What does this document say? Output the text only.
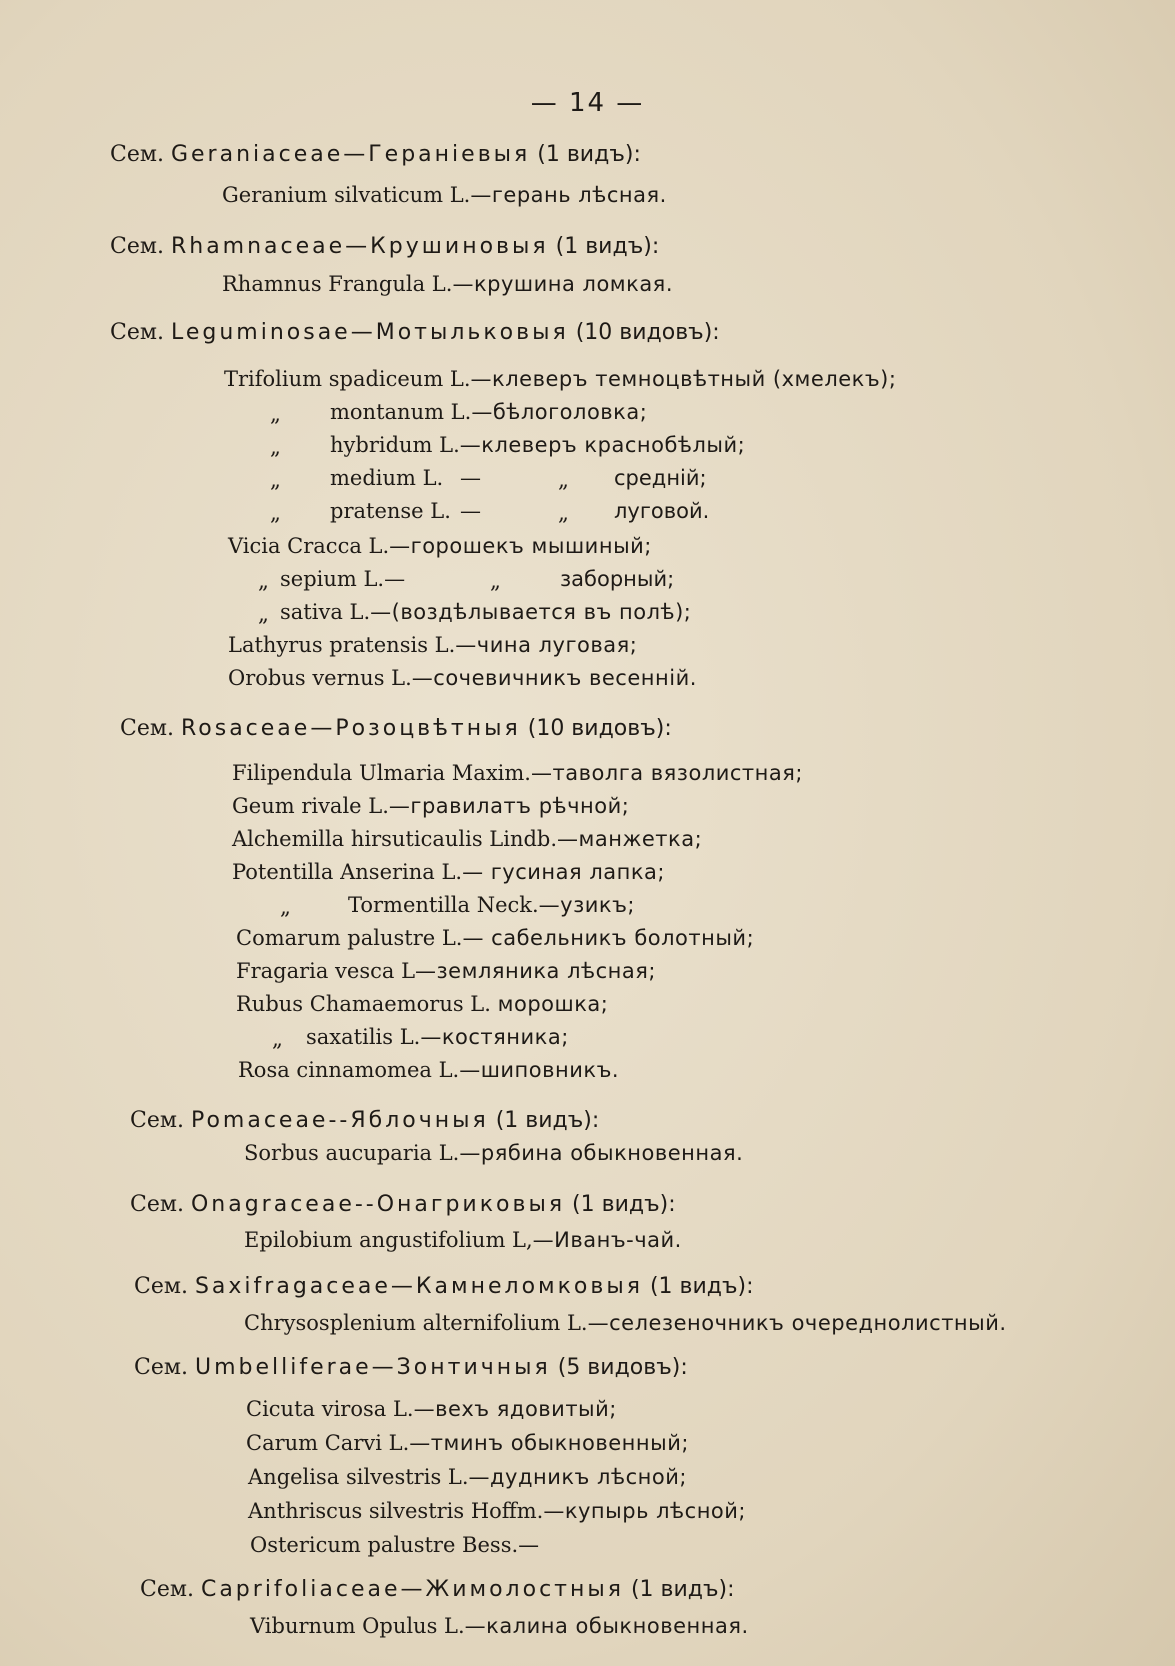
— 14 —
Сем. Geraniaceae—Геранiевыя (1 видъ):
Geranium silvaticum L.—герань лѣсная.
Сем. Rhamnaceae—Крушиновыя (1 видъ):
Rhamnus Frangula L.—крушина ломкая.
Сем. Leguminosae—Мотыльковыя (10 видовъ):
Trifolium spadiceum L.—клеверъ темноцвѣтный (хмелекъ);
„ montanum L.—бѣлоголовка;
„ hybridum L.—клеверъ краснобѣлый;
„ medium L. —	„ средній;
„ pratense L. —	„ луговой.
Vicia Cracca L.—горошекъ мышиный;
„ sepium L.—	„	заборный;
„ sativa L.—(воздѣлывается въ полѣ);
Lathyrus pratensis L.—чина луговая;
Orobus vernus L.—сочевичникъ весенній.
Сем. Rosaceae—Розоцвѣтныя (10 видовъ):
Filipendula Ulmaria Maxim.—таволга вязолистная;
Geum rivale L.—гравилатъ рѣчной;
Alchemilla hirsuticaulis Lindb.—манжетка;
Potentilla Anserina L.— гусиная лапка;
„	Tormentilla Neck.—узикъ;
Comarum palustre L.— сабельникъ болотный;
Fragaria vesca L—земляника лѣсная;
Rubus Chamaemorus L. морошка;
„ saxatilis L.—костяника;
Rosa cinnamomea L.—шиповникъ.
Сем. Pomaceae--Яблочныя (1 видъ):
Sorbus aucuparia L.—рябина обыкновенная.
Сем. Onagraceae--Онагриковыя (1 видъ):
Epilobium angustifolium L,—Иванъ-чай.
Сем. Saxifragaceae—Камнеломковыя (1 видъ):
Chrysosplenium alternifolium L.—селезеночникъ очереднолистный.
Сем. Umbelliferae—Зонтичныя (5 видовъ):
Cicuta virosa L.—вехъ ядовитый;
Carum Carvi L.—тминъ обыкновенный;
Angelisa silvestris L.—дудникъ лѣсной;
Anthriscus silvestris Hoffm.—купырь лѣсной;
Ostericum palustre Bess.—
Сем. Caprifoliaceae—Жимолостныя (1 видъ):
Viburnum Opulus L.—калина обыкновенная.
